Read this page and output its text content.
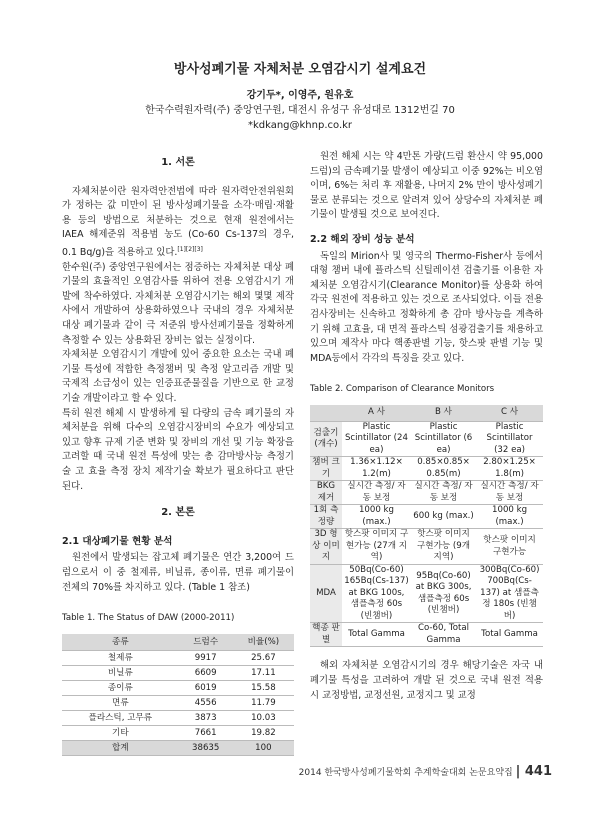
방사성폐기물 자체처분 오염감시기 설계요건
강기두*, 이영주, 원유호
한국수력원자력(주) 중앙연구원, 대전시 유성구 유성대로 1312번길 70
*kdkang@khnp.co.kr
1. 서론

자체처분이란 원자력안전법에 따라 원자력안전위원회가 정하는 값 미만이 된 방사성폐기물을 소각·매립·재활용 등의 방법으로 처분하는 것으로 현재 원전에서는 IAEA 해제준위 적용범 농도 (Co-60 Cs-137의 경우, 0.1 Bq/g)을 적용하고 있다.[1][2][3]

한수원(주) 중앙연구원에서는 점증하는 자체처분 대상 폐기물의 효율적인 오염감사를 위하여 전용 오염감시기 개발에 착수하였다. 자체처분 오염감시기는 해외 몇몇 제작사에서 개발하여 상용화하였으나 국내의 경우 자체처분 대상 폐기물과 같이 극 저준위 방사선폐기물을 정확하게 측정할 수 있는 상용화된 장비는 없는 실정이다.

자체처분 오염감시기 개발에 있어 중요한 요소는 국내 폐기물 특성에 적합한 측정챔버 및 측정 알고리즘 개발 및 국제적 소급성이 있는 인증표준물질을 기반으로 한 교정기술 개발이라고 할 수 있다.

특히 원전 해체 시 발생하게 될 다량의 금속 폐기물의 자체처분을 위해 다수의 오염감시장비의 수요가 예상되고 있고 향후 규제 기준 변화 및 장비의 개선 및 기능 확장을 고려할 때 국내 원전 특성에 맞는 총 감마방사능 측정기술 고 효율 측정 장치 제작기술 확보가 필요하다고 판단된다.

2. 본론
2.1 대상폐기물 현황 분석

원전에서 발생되는 잡고체 폐기물은 연간 3,200여 드럼으로서 이 중 철제류, 비닐류, 종이류, 면류 폐기물이 전체의 70%를 차지하고 있다. (Table 1 참조)

Table 1. The Status of DAW (2000-2011)
종류	드럼수	비율(%)
철제류	9917	25.67
비닐류	6609	17.11
종이류	6019	15.58
면류	4556	11.79
플라스틱, 고무류	3873	10.03
기타	7661	19.82
합계	38635	100

원전 해체 시는 약 4만톤 가량(드럼 환산시 약 95,000 드럼)의 금속폐기물 발생이 예상되고 이중 92%는 비오염이며, 6%는 처리 후 재활용, 나머지 2% 만이 방사성폐기물로 분류되는 것으로 알려져 있어 상당수의 자체처분 폐기물이 발생될 것으로 보여진다.

2.2 해외 장비 성능 분석

독일의 Mirion사 및 영국의 Thermo-Fisher사 등에서 대형 챔버 내에 플라스틱 신틸레이션 검출기를 이용한 자체처분 오염감시기(Clearance Monitor)를 상용화 하여 각국 원전에 적용하고 있는 것으로 조사되었다. 이들 전용검사장비는 신속하고 정확하게 총 감마 방사능을 계측하기 위해 고효율, 대 면적 플라스틱 섬광검출기를 채용하고 있으며 제작사 마다 핵종판별 기능, 핫스팟 판별 기능 및 MDA등에서 각각의 특징을 갖고 있다.

Table 2. Comparison of Clearance Monitors
	A 사	B 사	C 사
검출기 (개수)	Plastic Scintillator (24 ea)	Plastic Scintillator (6 ea)	Plastic Scintillator (32 ea)
챔버 크기	1.36×1.12× 1.2(m)	0.85×0.85× 0.85(m)	2.80×1.25× 1.8(m)
BKG 제거	실시간 측정/ 자동 보정	실시간 측정/ 자동 보정	실시간 측정/ 자동 보정
1회 측정량	1000 kg (max.)	600 kg (max.)	1000 kg (max.)
3D 형상 이미지	핫스팟 이미지 구현가능 (27개 지역)	핫스팟 이미지 구현가능 (9개지역)	핫스팟 이미지 구현가능
MDA	50Bq(Co-60) 165Bq(Cs-137) at BKG 100s, 샘플측정 60s (빈챔버)	95Bq(Co-60) at BKG 300s, 샘플측정 60s (빈챔버)	300Bq(Co-60) 700Bq(Cs-137) at 샘플측정 180s (빈챔버)
핵종 판별	Total Gamma	Co-60, Total Gamma	Total Gamma

해외 자체처분 오염감시기의 경우 해당기술은 자국 내 폐기물 특성을 고려하여 개발 된 것으로 국내 원전 적용 시 교정방법, 교정선원, 교정지그 및 교정

2014 한국방사성폐기물학회 추계학술대회 논문요약집 | 441
